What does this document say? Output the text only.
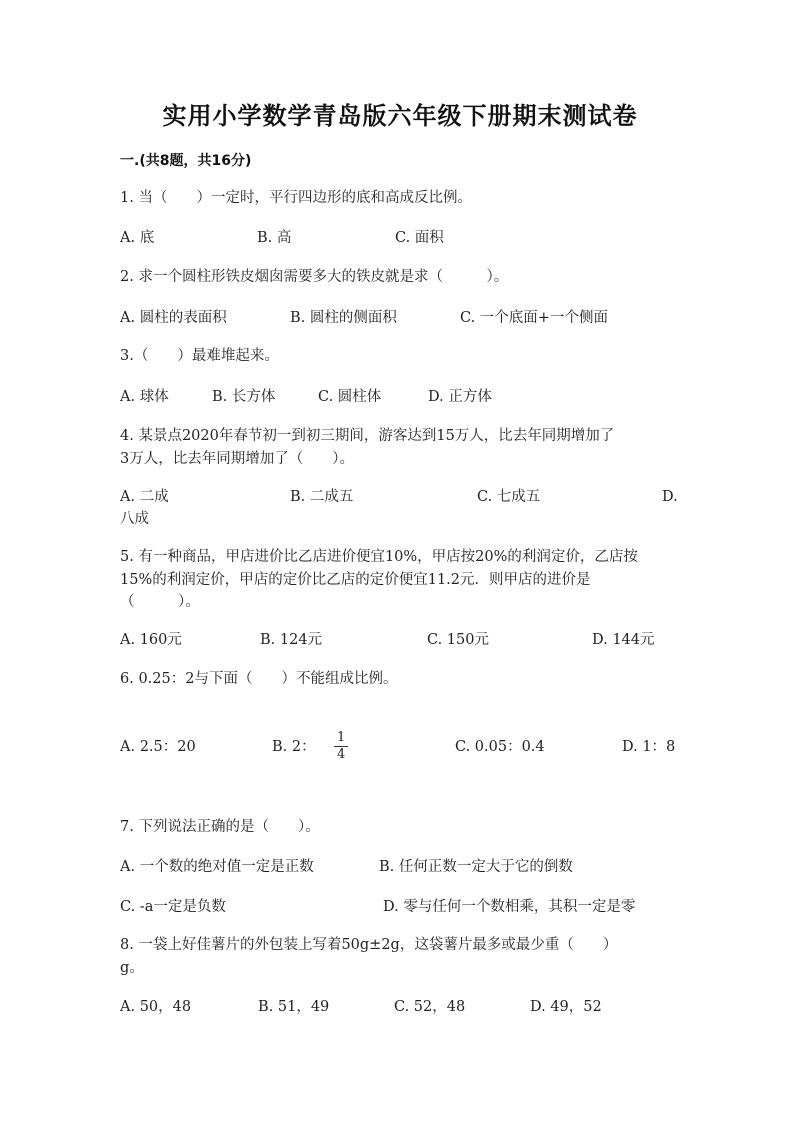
实用小学数学青岛版六年级下册期末测试卷
一.(共8题，共16分)
1. 当（　　）一定时，平行四边形的底和高成反比例。
A. 底	B. 高	C. 面积
2. 求一个圆柱形铁皮烟囱需要多大的铁皮就是求（　　　）。
A. 圆柱的表面积	B. 圆柱的侧面积	C. 一个底面+一个侧面
3.（　　）最难堆起来。
A. 球体	B. 长方体	C. 圆柱体	D. 正方体
4. 某景点2020年春节初一到初三期间，游客达到15万人，比去年同期增加了
3万人，比去年同期增加了（　　）。
A. 二成	B. 二成五	C. 七成五	D.
八成
5. 有一种商品，甲店进价比乙店进价便宜10%，甲店按20%的利润定价，乙店按
15%的利润定价，甲店的定价比乙店的定价便宜11.2元．则甲店的进价是
（　　　）。
A. 160元	B. 124元	C. 150元	D. 144元
6. 0.25：2与下面（　　）不能组成比例。
A. 2.5：20	B. 2： $\frac{1}{4}$	C. 0.05：0.4	D. 1：8
7. 下列说法正确的是（　　）。
A. 一个数的绝对值一定是正数	B. 任何正数一定大于它的倒数
C. -a一定是负数	D. 零与任何一个数相乘，其积一定是零
8. 一袋上好佳薯片的外包装上写着50g±2g，这袋薯片最多或最少重（　　）
g。
A. 50，48	B. 51，49	C. 52，48	D. 49，52
